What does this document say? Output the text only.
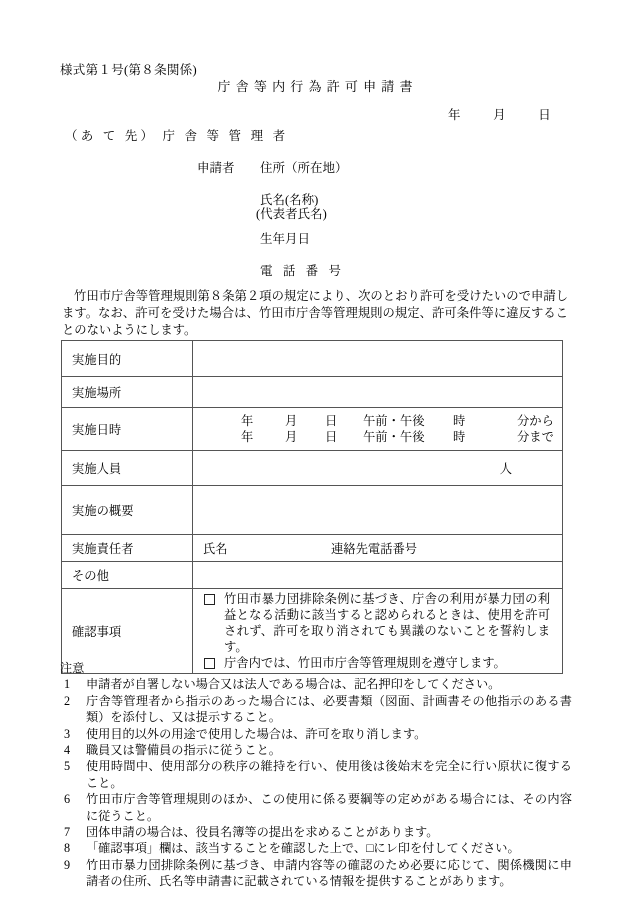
様式第１号(第８条関係)
庁舎等内行為許可申請書
年	月	日
（あ て 先） 庁 舎 等 管 理 者
申請者 住所（所在地）
氏名(名称)
(代表者氏名)
生年月日
電 話 番 号
竹田市庁舎等管理規則第８条第２項の規定により、次のとおり許可を受けたいので申請します。なお、許可を受けた場合は、竹田市庁舎等管理規則の規定、許可条件等に違反することのないようにします。
実施目的	
実施場所	
実施日時	年 月 日 午前・午後 時 分から
年 月 日 午前・午後 時 分まで

実施人員	人

実施の概要	
実施責任者	氏名 連絡先電話番号
その他	
確認事項	竹田市暴力団排除条例に基づき、庁舎の利用が暴力団の利益となる活動に該当すると認められるときは、使用を許可されず、許可を取り消されても異議のないことを誓約します。
庁舎内では、竹田市庁舎等管理規則を遵守します。
注意
1	申請者が自署しない場合又は法人である場合は、記名押印をしてください。
2	庁舎等管理者から指示のあった場合には、必要書類（図面、計画書その他指示のある書類）を添付し、又は提示すること。
3	使用目的以外の用途で使用した場合は、許可を取り消します。
4	職員又は警備員の指示に従うこと。
5	使用時間中、使用部分の秩序の維持を行い、使用後は後始末を完全に行い原状に復すること。
6	竹田市庁舎等管理規則のほか、この使用に係る要綱等の定めがある場合には、その内容に従うこと。
7	団体申請の場合は、役員名簿等の提出を求めることがあります。
8	「確認事項」欄は、該当することを確認した上で、□にレ印を付してください。
9	竹田市暴力団排除条例に基づき、申請内容等の確認のため必要に応じて、関係機関に申請者の住所、氏名等申請書に記載されている情報を提供することがあります。
